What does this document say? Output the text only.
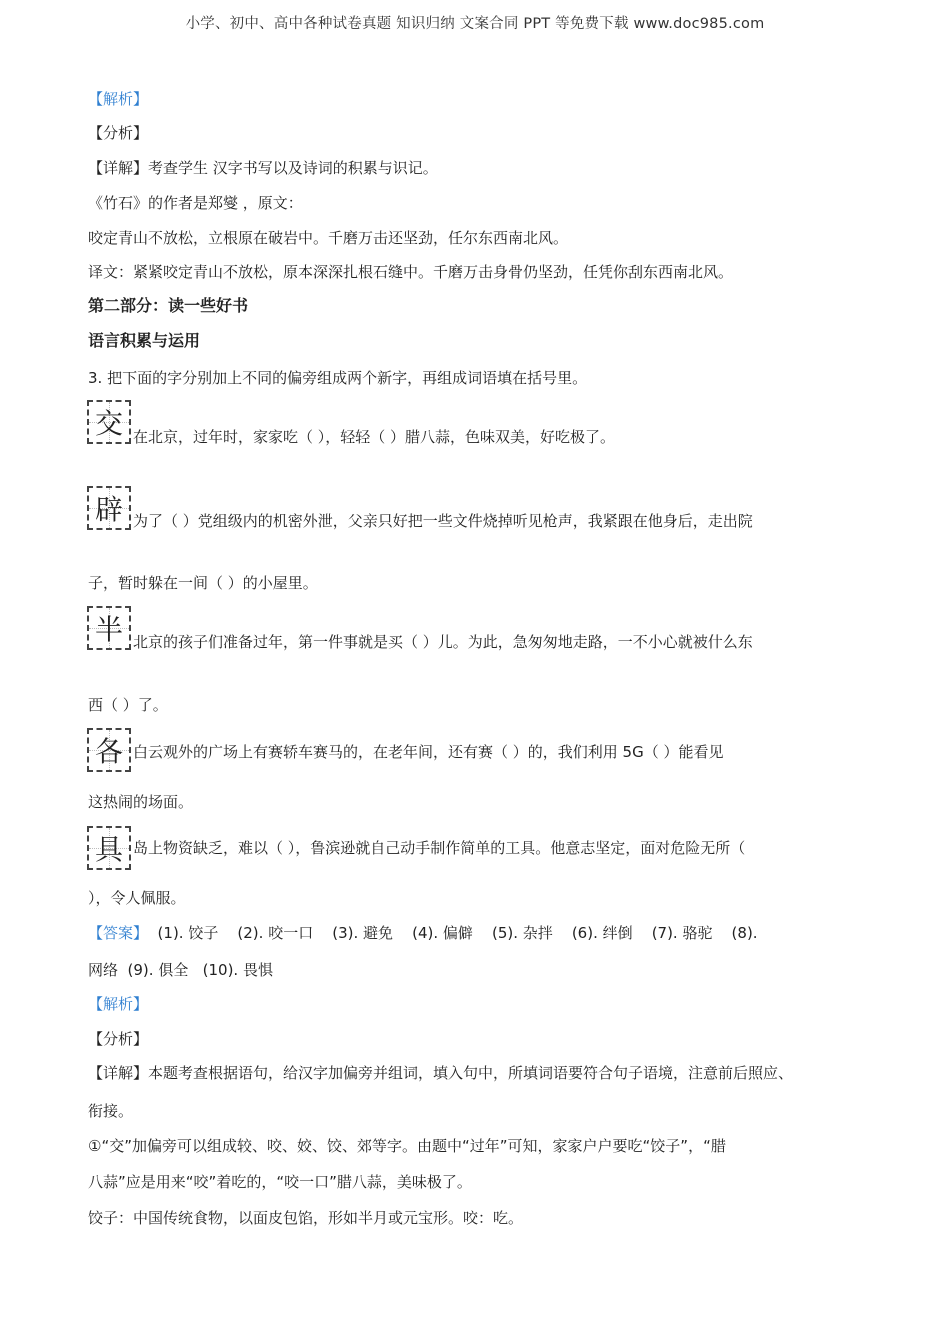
小学、初中、高中各种试卷真题 知识归纳 文案合同 PPT 等免费下载 www.doc985.com
【解析】
【分析】
【详解】考查学生 汉字书写以及诗词的积累与识记。
《竹石》的作者是郑燮 ，原文：
咬定青山不放松，立根原在破岩中。千磨万击还坚劲，任尔东西南北风。
译文：紧紧咬定青山不放松，原本深深扎根石缝中。千磨万击身骨仍坚劲，任凭你刮东西南北风。
第二部分：读一些好书
语言积累与运用
3. 把下面的字分别加上不同的偏旁组成两个新字，再组成词语填在括号里。
交 在北京，过年时，家家吃（ ），轻轻（ ）腊八蒜，色味双美，好吃极了。
辟 为了（ ）党组级内的机密外泄，父亲只好把一些文件烧掉听见枪声，我紧跟在他身后，走出院
子，暂时躲在一间（ ）的小屋里。
半 北京的孩子们准备过年，第一件事就是买（ ）儿。为此，急匆匆地走路，一不小心就被什么东
西（ ）了。
各 白云观外的广场上有赛轿车赛马的，在老年间，还有赛（ ）的，我们利用 5G（ ）能看见
这热闹的场面。
具 岛上物资缺乏，难以（ ），鲁滨逊就自己动手制作简单的工具。他意志坚定，面对危险无所（
），令人佩服。
【答案】  (1). 饺子    (2). 咬一口    (3). 避免    (4). 偏僻    (5). 杂拌    (6). 绊倒    (7). 骆驼    (8).
网络  (9). 俱全   (10). 畏惧
【解析】
【分析】
【详解】本题考查根据语句，给汉字加偏旁并组词，填入句中，所填词语要符合句子语境，注意前后照应、
衔接。
①“交”加偏旁可以组成较、咬、姣、饺、郊等字。由题中“过年”可知，家家户户要吃“饺子”，“腊
八蒜”应是用来“咬”着吃的，“咬一口”腊八蒜，美味极了。
饺子：中国传统食物，以面皮包馅，形如半月或元宝形。咬：吃。
